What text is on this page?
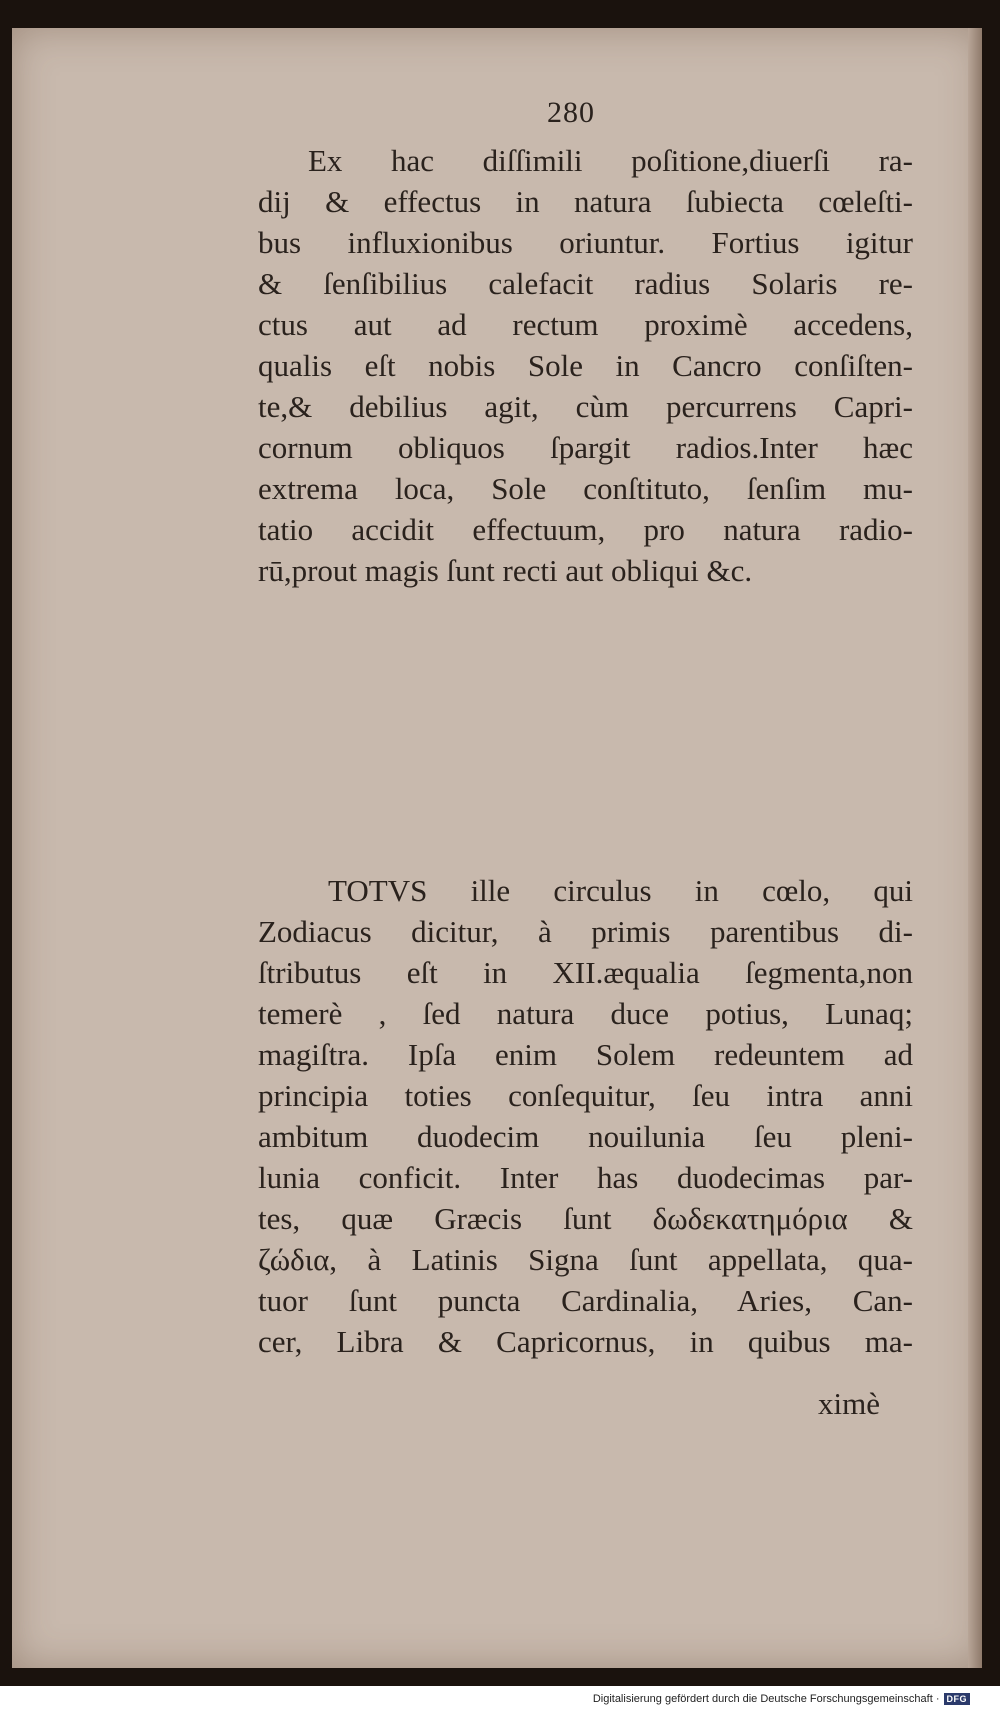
280
Ex hac diſſimili poſitione,diuerſi ra-
dij & effectus in natura ſubiecta cœleſti-
bus influxionibus oriuntur. Fortius igitur
& ſenſibilius calefacit radius Solaris re-
ctus aut ad rectum proximè accedens,
qualis eſt nobis Sole in Cancro conſiſten-
te,& debilius agit, cùm percurrens Capri-
cornum obliquos ſpargit radios.Inter hæc
extrema loca, Sole conſtituto, ſenſim mu-
tatio accidit effectuum, pro natura radio-
rū,prout magis ſunt recti aut obliqui &c.
TOTVS ille circulus in cœlo, qui
Zodiacus dicitur, à primis parentibus di-
ſtributus eſt in XII.æqualia ſegmenta,non
temerè , ſed natura duce potius, Lunaq;
magiſtra. Ipſa enim Solem redeuntem ad
principia toties conſequitur, ſeu intra anni
ambitum duodecim nouilunia ſeu pleni-
lunia conficit. Inter has duodecimas par-
tes, quæ Græcis ſunt δωδεκατημόρια &
ζώδια, à Latinis Signa ſunt appellata, qua-
tuor ſunt puncta Cardinalia, Aries, Can-
cer, Libra & Capricornus, in quibus ma-
ximè
Digitalisierung gefördert durch die Deutsche Forschungsgemeinschaft · DFG
